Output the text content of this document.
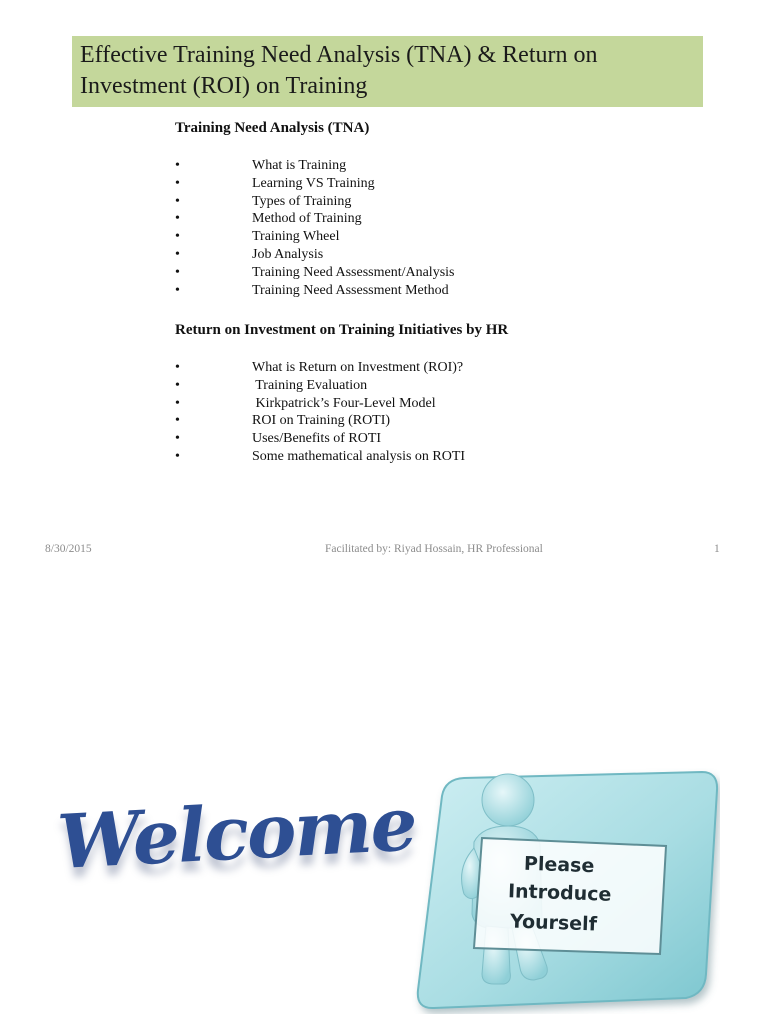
Effective Training Need Analysis (TNA) & Return on
Investment (ROI) on Training
Training Need Analysis (TNA)
•	What is Training
•	Learning VS Training
•	Types of Training
•	Method of Training
•	Training Wheel
•	Job Analysis
•	Training Need Assessment/Analysis
•	Training Need Assessment Method
Return on Investment on Training Initiatives by HR
•	What is Return on Investment (ROI)?
•	Training Evaluation
•	Kirkpatrick’s Four-Level Model
•	ROI on Training (ROTI)
•	Uses/Benefits of ROTI
•	Some mathematical analysis on ROTI
8/30/2015	Facilitated by: Riyad Hossain, HR Professional	1
Welcome	Please
Introduce
Yourself
